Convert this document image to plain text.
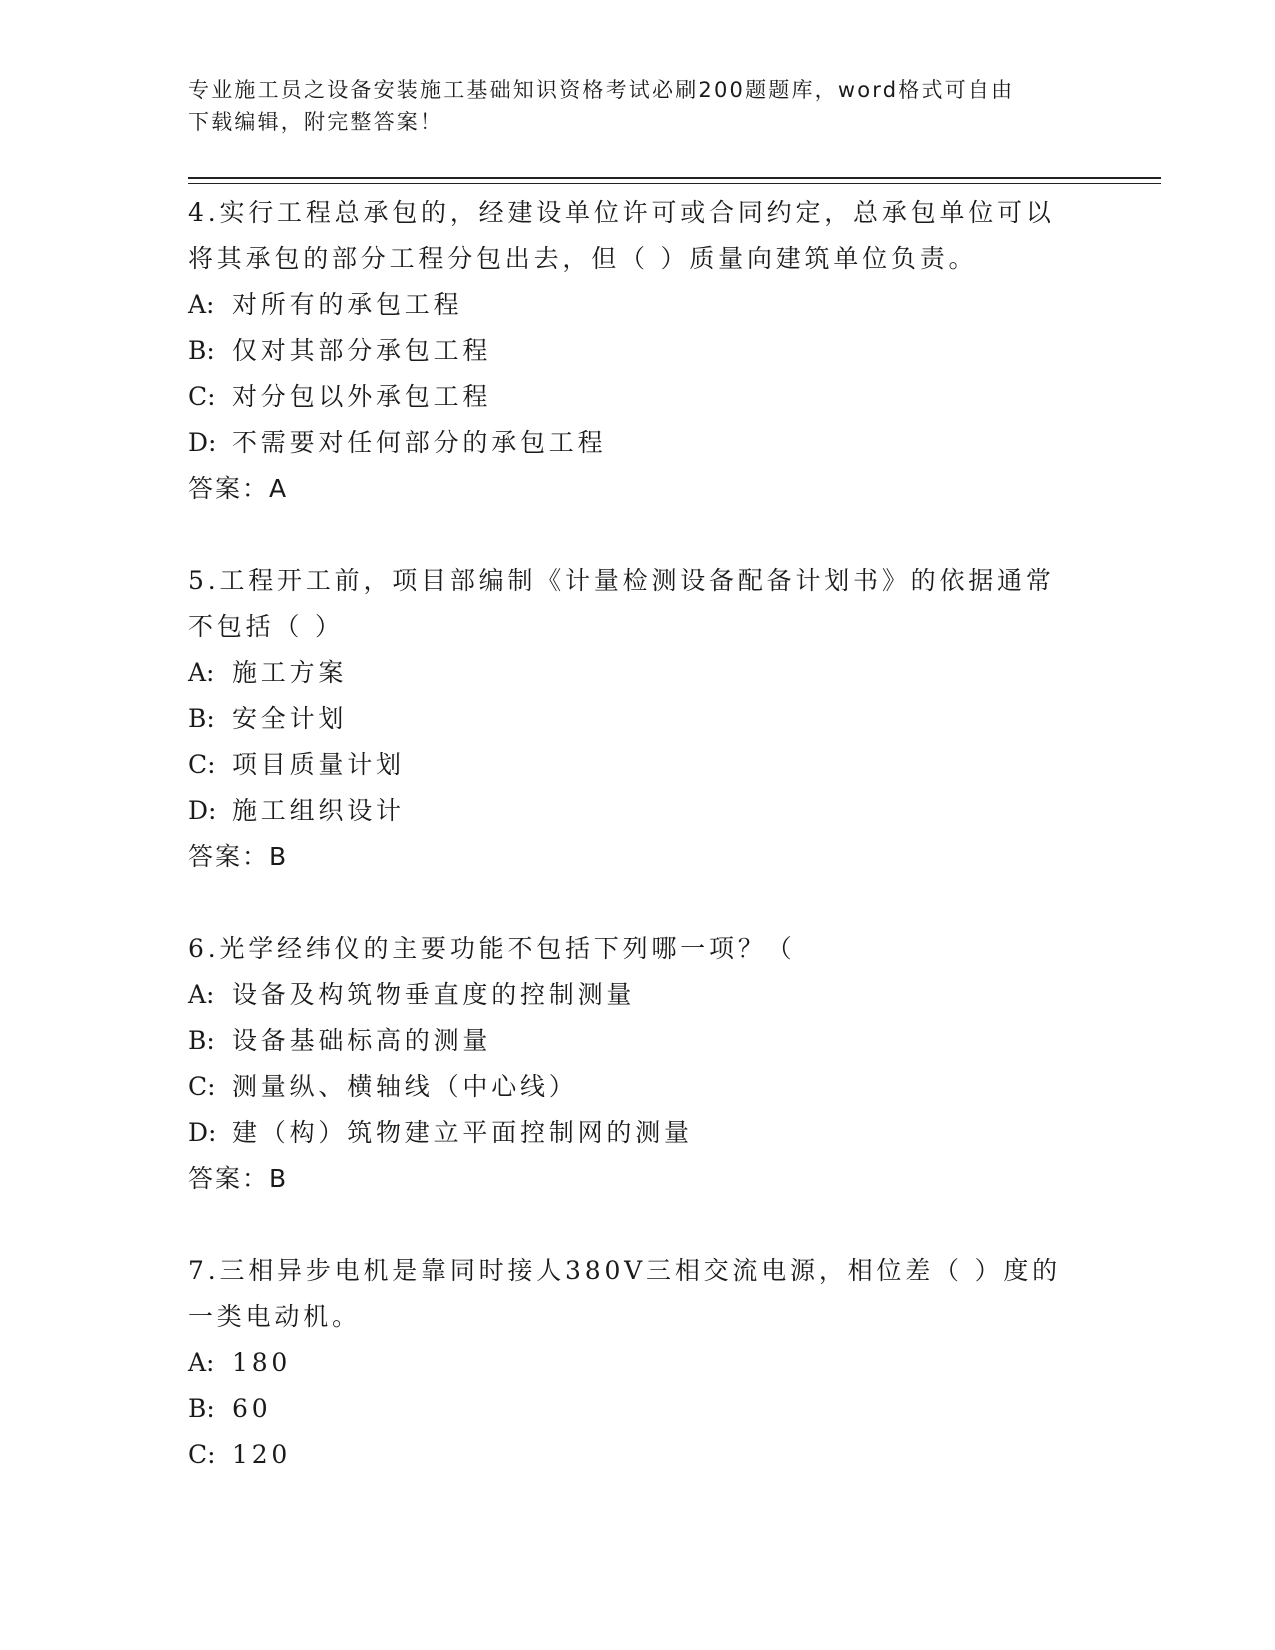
专业施工员之设备安装施工基础知识资格考试必刷200题题库，word格式可自由
下载编辑，附完整答案！

4.实行工程总承包的，经建设单位许可或合同约定，总承包单位可以将其承包的部分工程分包出去，但（ ）质量向建筑单位负责。

A: 对所有的承包工程

B: 仅对其部分承包工程

C: 对分包以外承包工程

D: 不需要对任何部分的承包工程

答案：A

5.工程开工前，项目部编制《计量检测设备配备计划书》的依据通常不包括（ ）

A: 施工方案

B: 安全计划

C: 项目质量计划

D: 施工组织设计

答案：B

6.光学经纬仪的主要功能不包括下列哪一项？（

A: 设备及构筑物垂直度的控制测量

B: 设备基础标高的测量

C: 测量纵、横轴线（中心线）

D: 建（构）筑物建立平面控制网的测量

答案：B

7.三相异步电机是靠同时接人380V三相交流电源，相位差（ ）度的一类电动机。

A: 180

B: 60

C: 120
